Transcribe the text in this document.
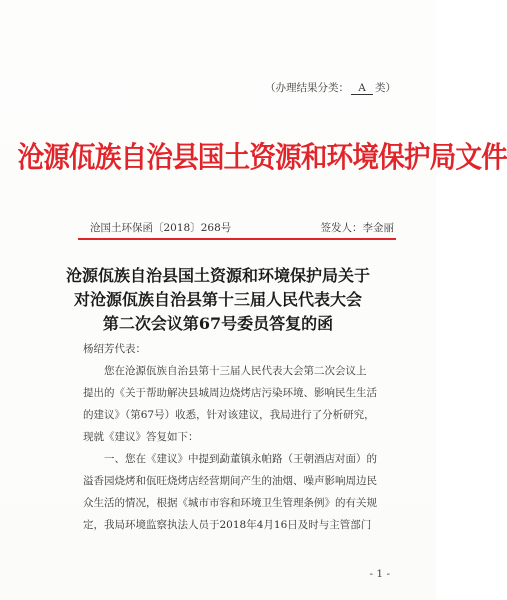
（办理结果分类： A 类）
沧源佤族自治县国土资源和环境保护局文件
沧国土环保函〔2018〕268号	签发人：李金丽
沧源佤族自治县国土资源和环境保护局关于
对沧源佤族自治县第十三届人民代表大会
第二次会议第67号委员答复的函
杨绍芳代表：
　　您在沧源佤族自治县第十三届人民代表大会第二次会议上
提出的《关于帮助解决县城周边烧烤店污染环境、影响民生生活
的建议》（第67号）收悉，针对该建议，我局进行了分析研究，
现就《建议》答复如下：
　　一、您在《建议》中提到勐董镇永帕路（王朝酒店对面）的
溢香园烧烤和佤旺烧烤店经营期间产生的油烟、噪声影响周边民
众生活的情况，根据《城市市容和环境卫生管理条例》的有关规
定，我局环境监察执法人员于2018年4月16日及时与主管部门
- 1 -
